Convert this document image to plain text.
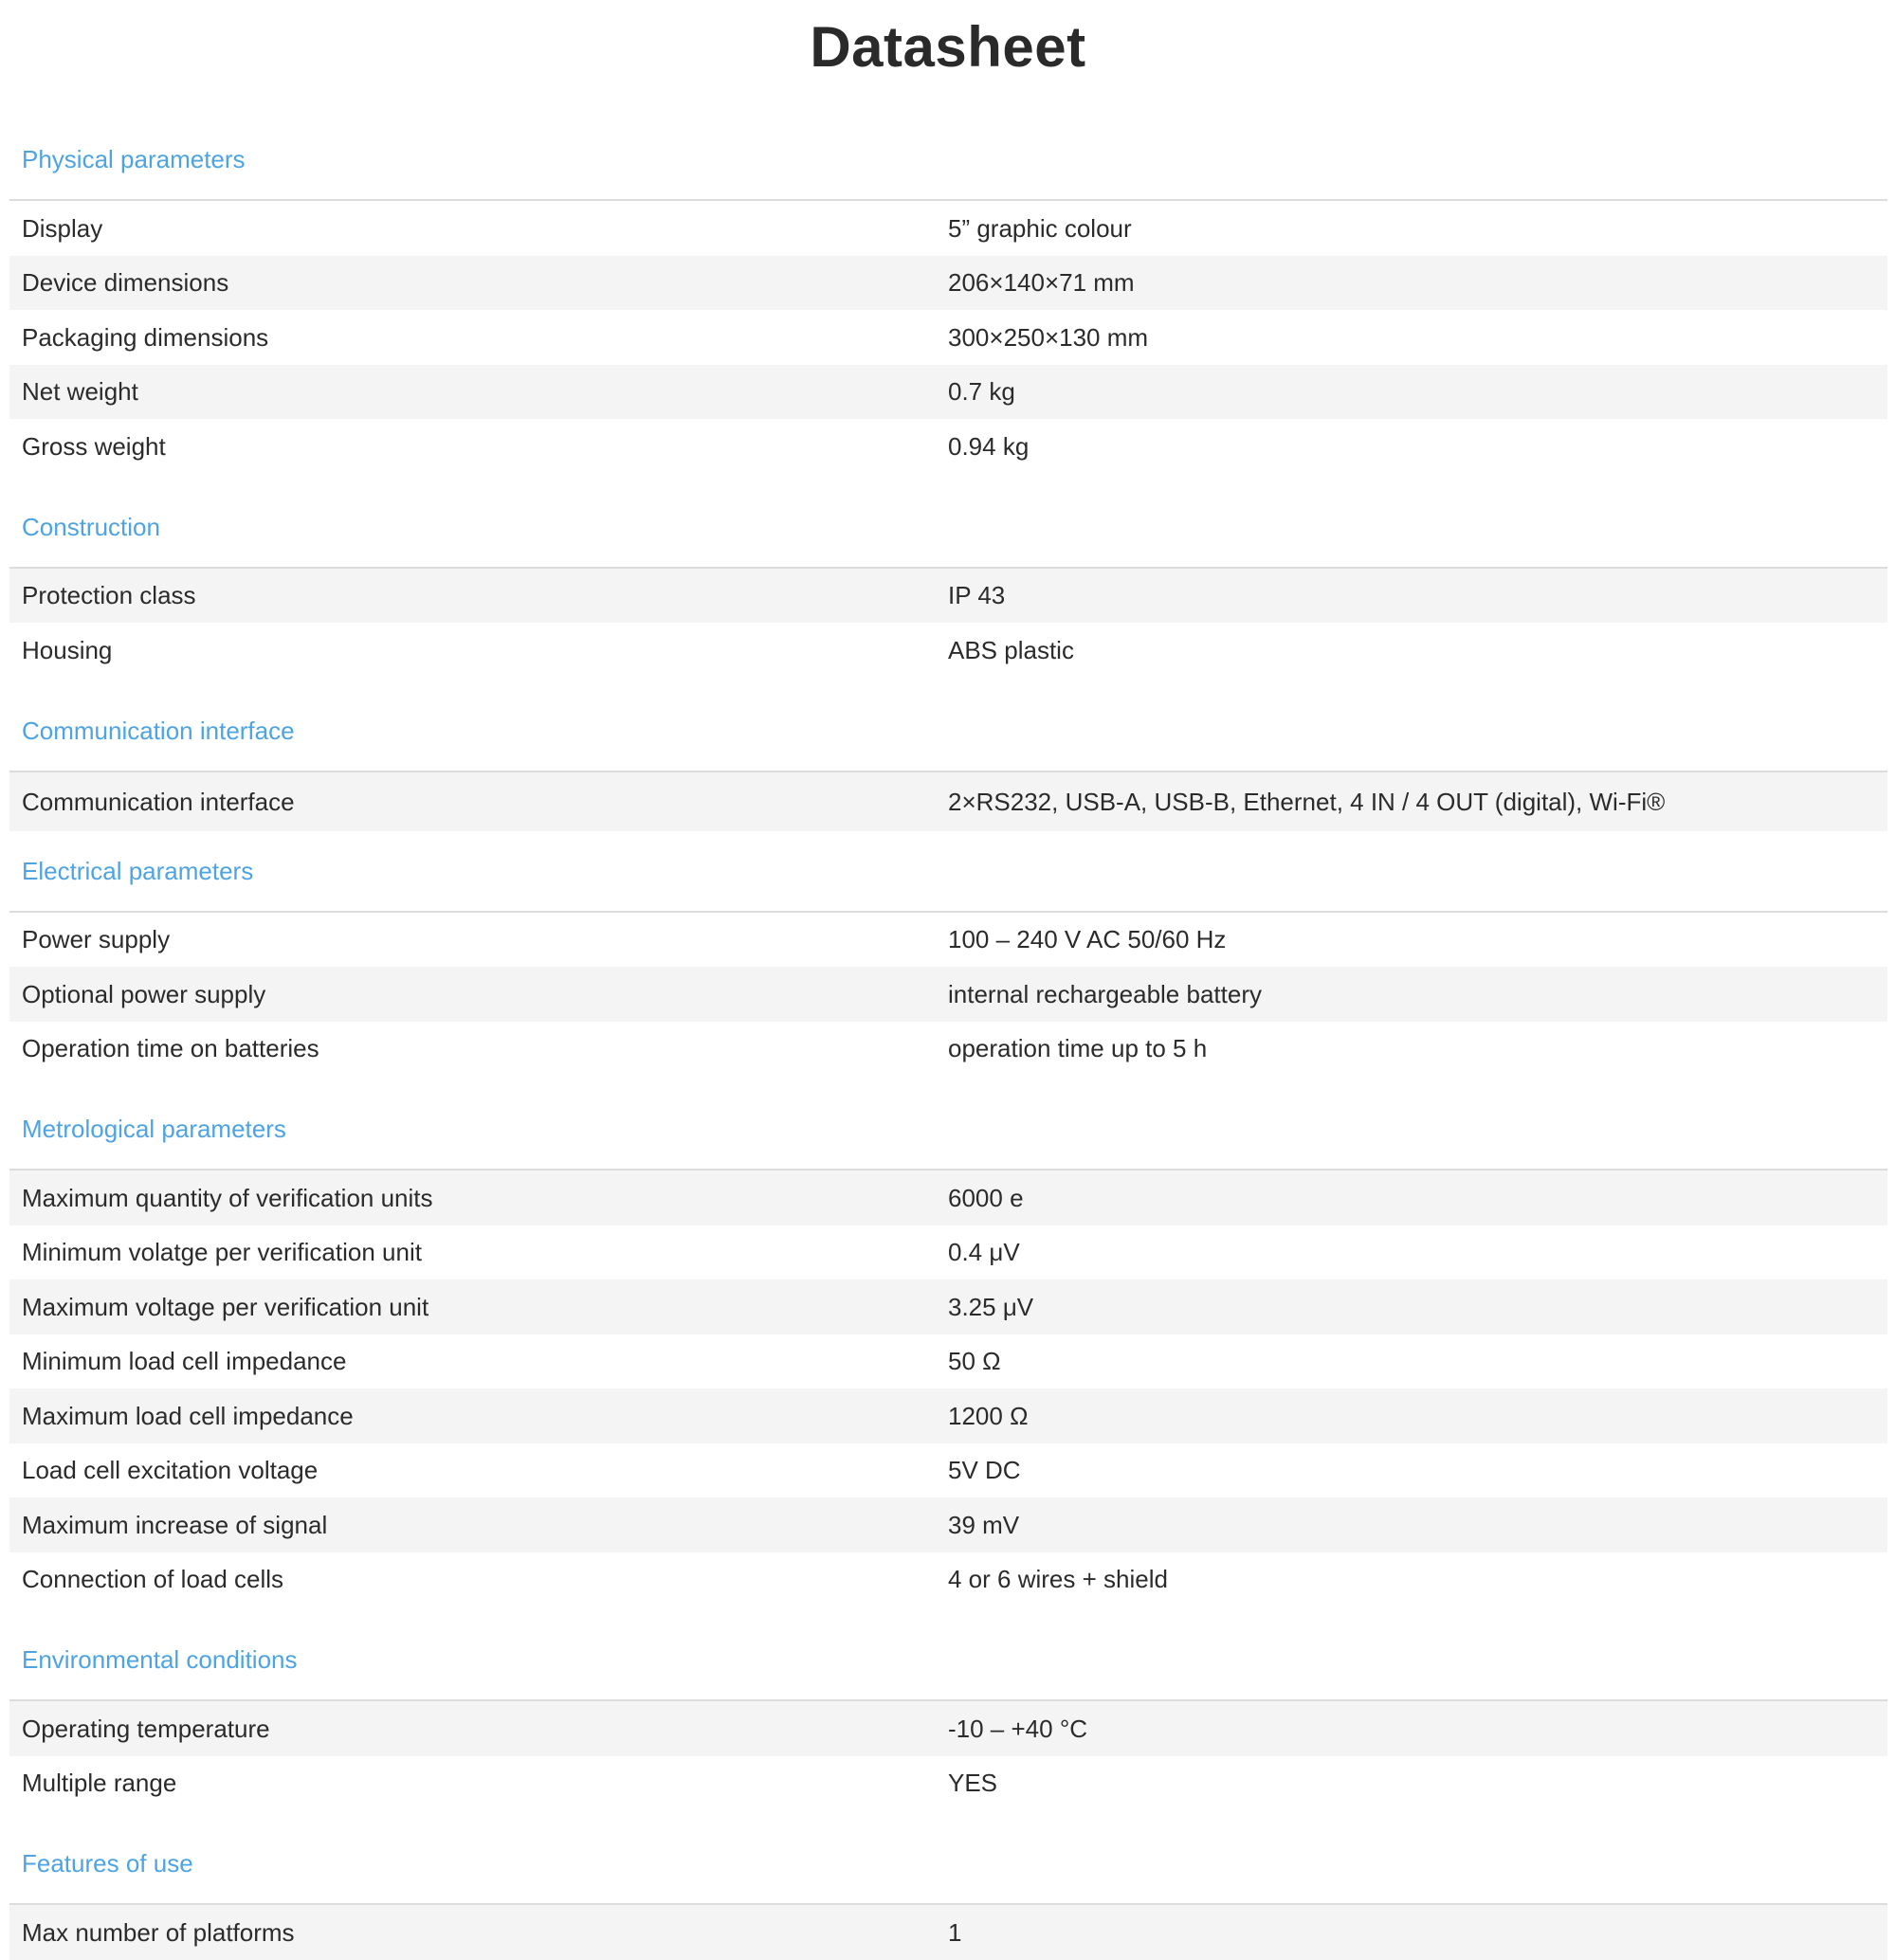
Datasheet
Physical parameters
Display	5” graphic colour
Device dimensions	206×140×71 mm
Packaging dimensions	300×250×130 mm
Net weight	0.7 kg
Gross weight	0.94 kg
Construction
Protection class	IP 43
Housing	ABS plastic
Communication interface
Communication interface	2×RS232, USB-A, USB-B, Ethernet, 4 IN / 4 OUT (digital), Wi-Fi®
Electrical parameters
Power supply	100 – 240 V AC 50/60 Hz
Optional power supply	internal rechargeable battery
Operation time on batteries	operation time up to 5 h
Metrological parameters
Maximum quantity of verification units	6000 e
Minimum volatge per verification unit	0.4 μV
Maximum voltage per verification unit	3.25 μV
Minimum load cell impedance	50 Ω
Maximum load cell impedance	1200 Ω
Load cell excitation voltage	5V DC
Maximum increase of signal	39 mV
Connection of load cells	4 or 6 wires + shield
Environmental conditions
Operating temperature	-10 – +40 °C
Multiple range	YES
Features of use
Max number of platforms	1
